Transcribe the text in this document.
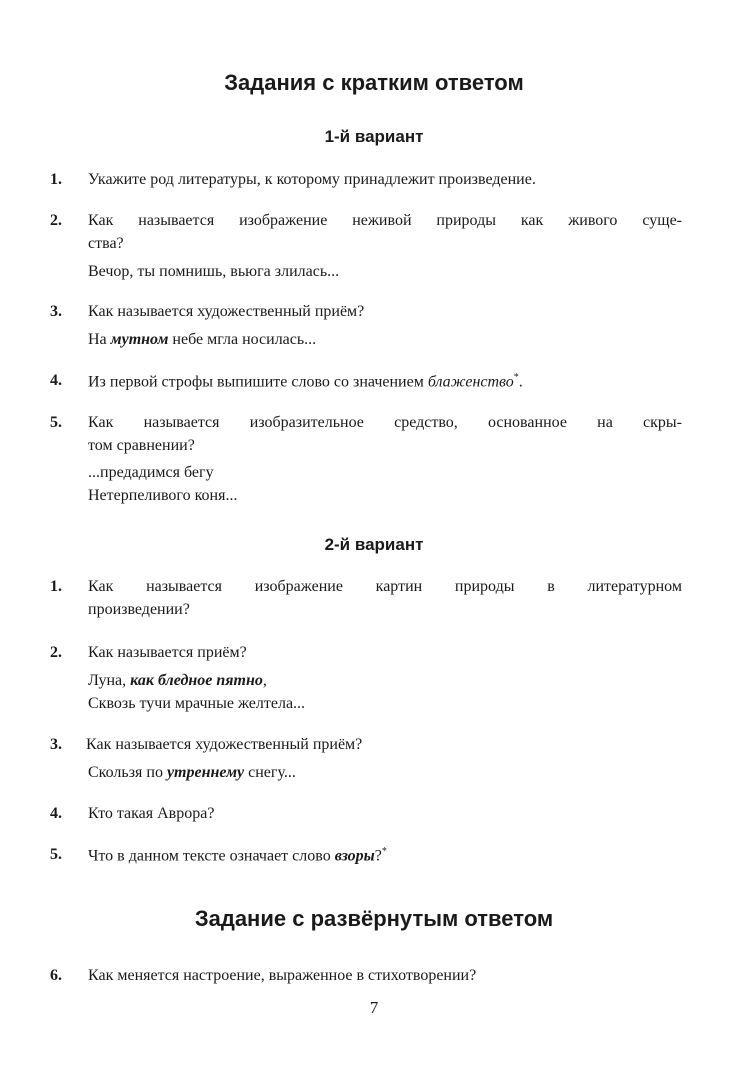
Задания с кратким ответом
1-й вариант
1. Укажите род литературы, к которому принадлежит произведение.
2. Как называется изображение неживой природы как живого суще-
ства?
Вечор, ты помнишь, вьюга злилась...
3. Как называется художественный приём?
На мутном небе мгла носилась...
4. Из первой строфы выпишите слово со значением блаженство*.
5. Как называется изобразительное средство, основанное на скры-
том сравнении?
...предадимся бегу
Нетерпеливого коня...
2-й вариант
1. Как называется изображение картин природы в литературном
произведении?
2. Как называется приём?
Луна, как бледное пятно,
Сквозь тучи мрачные желтела...
3. Как называется художественный приём?
Скользя по утреннему снегу...
4. Кто такая Аврора?
5. Что в данном тексте означает слово взоры?*
Задание с развёрнутым ответом
6. Как меняется настроение, выраженное в стихотворении?
7
